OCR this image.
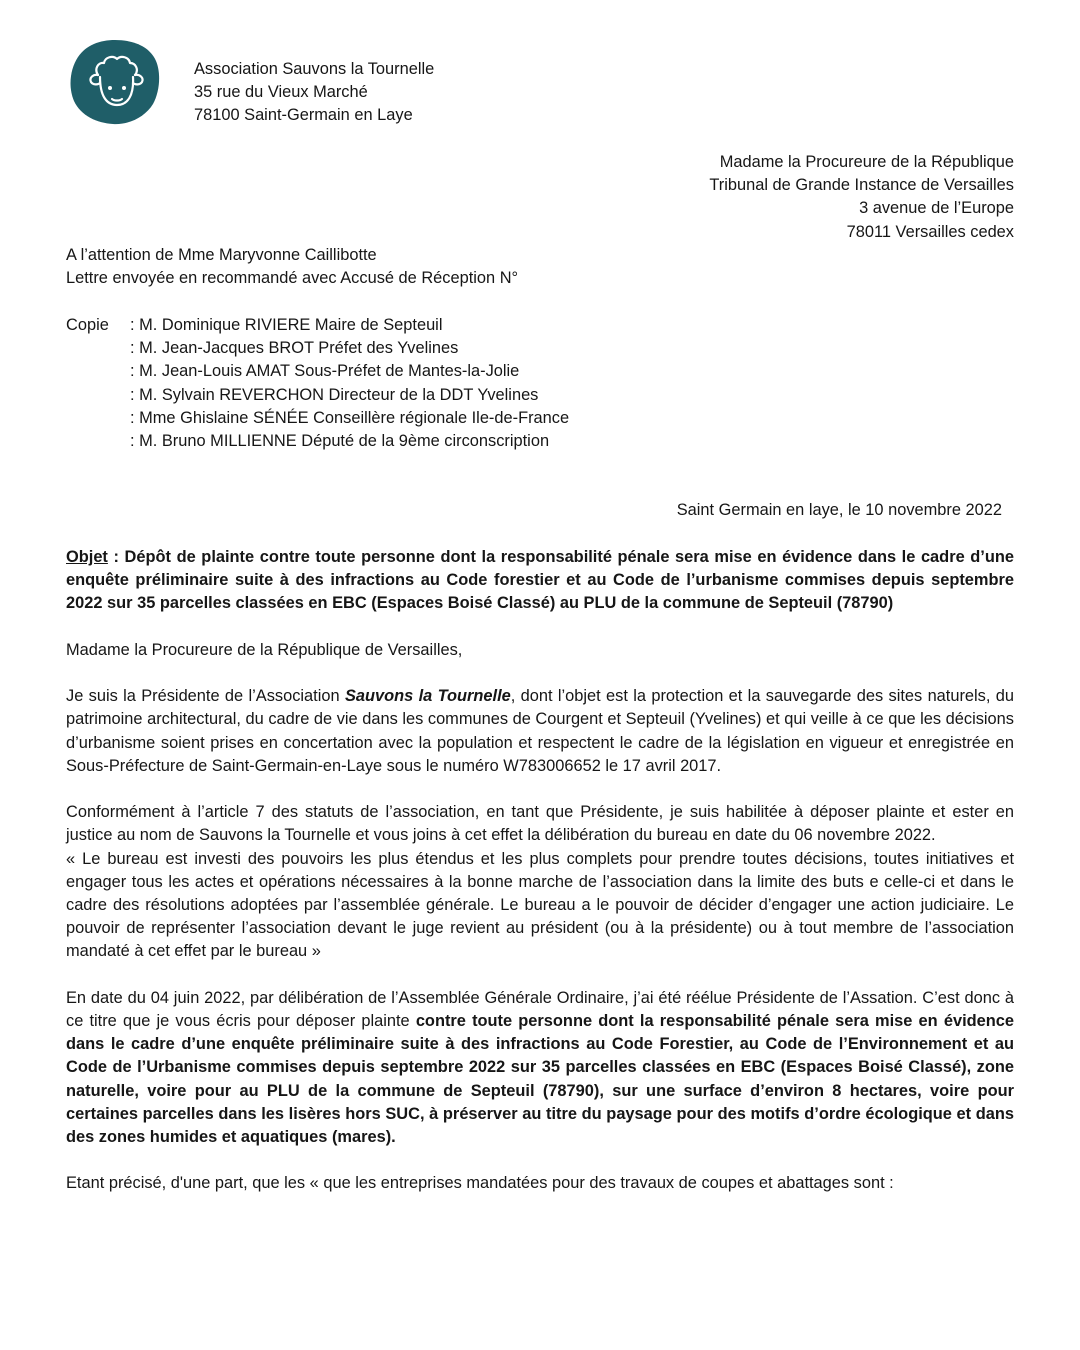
Association Sauvons la Tournelle
35 rue du Vieux Marché
78100 Saint-Germain en Laye
Madame la Procureure de la République
Tribunal de Grande Instance de Versailles
3 avenue de l’Europe
78011 Versailles cedex
A l’attention de Mme Maryvonne Caillibotte
Lettre envoyée en recommandé avec Accusé de Réception N°
Copie	: M. Dominique RIVIERE Maire de Septeuil
	: M. Jean-Jacques BROT Préfet des Yvelines
	: M. Jean-Louis AMAT Sous-Préfet de Mantes-la-Jolie
	: M. Sylvain REVERCHON Directeur de la DDT Yvelines
	: Mme Ghislaine SÉNÉE Conseillère régionale Ile-de-France
	: M. Bruno MILLIENNE Député de la 9ème circonscription
Saint Germain en laye, le 10 novembre 2022

Objet : Dépôt de plainte contre toute personne dont la responsabilité pénale sera mise en évidence dans le cadre d’une enquête préliminaire suite à des infractions au Code forestier et au Code de l’urbanisme commises depuis septembre 2022 sur 35 parcelles classées en EBC (Espaces Boisé Classé) au PLU de la commune de Septeuil (78790)

Madame la Procureure de la République de Versailles,

Je suis la Présidente de l’Association Sauvons la Tournelle, dont l’objet est la protection et la sauvegarde des sites naturels, du patrimoine architectural, du cadre de vie dans les communes de Courgent et Septeuil (Yvelines) et qui veille à ce que les décisions d’urbanisme soient prises en concertation avec la population et respectent le cadre de la législation en vigueur et enregistrée en Sous-Préfecture de Saint-Germain-en-Laye sous le numéro W783006652 le 17 avril 2017.

Conformément à l’article 7 des statuts de l’association, en tant que Présidente, je suis habilitée à déposer plainte et ester en justice au nom de Sauvons la Tournelle et vous joins à cet effet la délibération du bureau en date du 06 novembre 2022.

« Le bureau est investi des pouvoirs les plus étendus et les plus complets pour prendre toutes décisions, toutes initiatives et engager tous les actes et opérations nécessaires à la bonne marche de l’association dans la limite des buts e celle-ci et dans le cadre des résolutions adoptées par l’assemblée générale. Le bureau a le pouvoir de décider d’engager une action judiciaire. Le pouvoir de représenter l’association devant le juge revient au président (ou à la présidente) ou à tout membre de l’association mandaté à cet effet par le bureau »

En date du 04 juin 2022, par délibération de l’Assemblée Générale Ordinaire, j’ai été réélue Présidente de l’Assation. C’est donc à ce titre que je vous écris pour déposer plainte contre toute personne dont la responsabilité pénale sera mise en évidence dans le cadre d’une enquête préliminaire suite à des infractions au Code Forestier, au Code de l’Environnement et au Code de l’Urbanisme commises depuis septembre 2022 sur 35 parcelles classées en EBC (Espaces Boisé Classé), zone naturelle, voire pour au PLU de la commune de Septeuil (78790), sur une surface d’environ 8 hectares, voire pour certaines parcelles dans les lisères hors SUC, à préserver au titre du paysage pour des motifs d’ordre écologique et dans des zones humides et aquatiques (mares).

Etant précisé, d'une part, que les « que les entreprises mandatées pour des travaux de coupes et abattages sont :
